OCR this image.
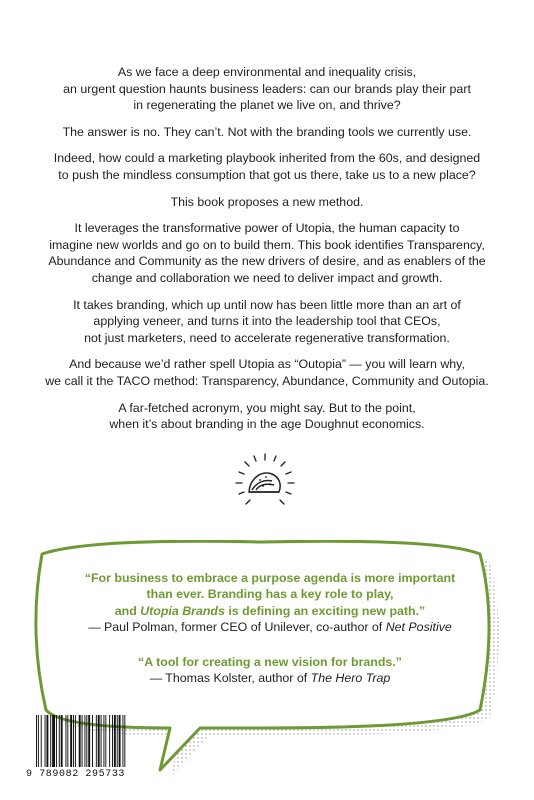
As we face a deep environmental and inequality crisis,
an urgent question haunts business leaders: can our brands play their part
in regenerating the planet we live on, and thrive?

The answer is no. They can’t. Not with the branding tools we currently use.

Indeed, how could a marketing playbook inherited from the 60s, and designed
to push the mindless consumption that got us there, take us to a new place?

This book proposes a new method.

It leverages the transformative power of Utopia, the human capacity to
imagine new worlds and go on to build them. This book identifies Transparency,
Abundance and Community as the new drivers of desire, and as enablers of the
change and collaboration we need to deliver impact and growth.

It takes branding, which up until now has been little more than an art of
applying veneer, and turns it into the leadership tool that CEOs,
not just marketers, need to accelerate regenerative transformation.

And because we’d rather spell Utopia as “Outopia” — you will learn why,
we call it the TACO method: Transparency, Abundance, Community and Outopia.

A far-fetched acronym, you might say. But to the point,
when it’s about branding in the age Doughnut economics.

“For business to embrace a purpose agenda is more important
than ever. Branding has a key role to play,
and Utopia Brands is defining an exciting new path.”
— Paul Polman, former CEO of Unilever, co-author of Net Positive
“A tool for creating a new vision for brands.”
— Thomas Kolster, author of The Hero Trap
9 789082 295733
